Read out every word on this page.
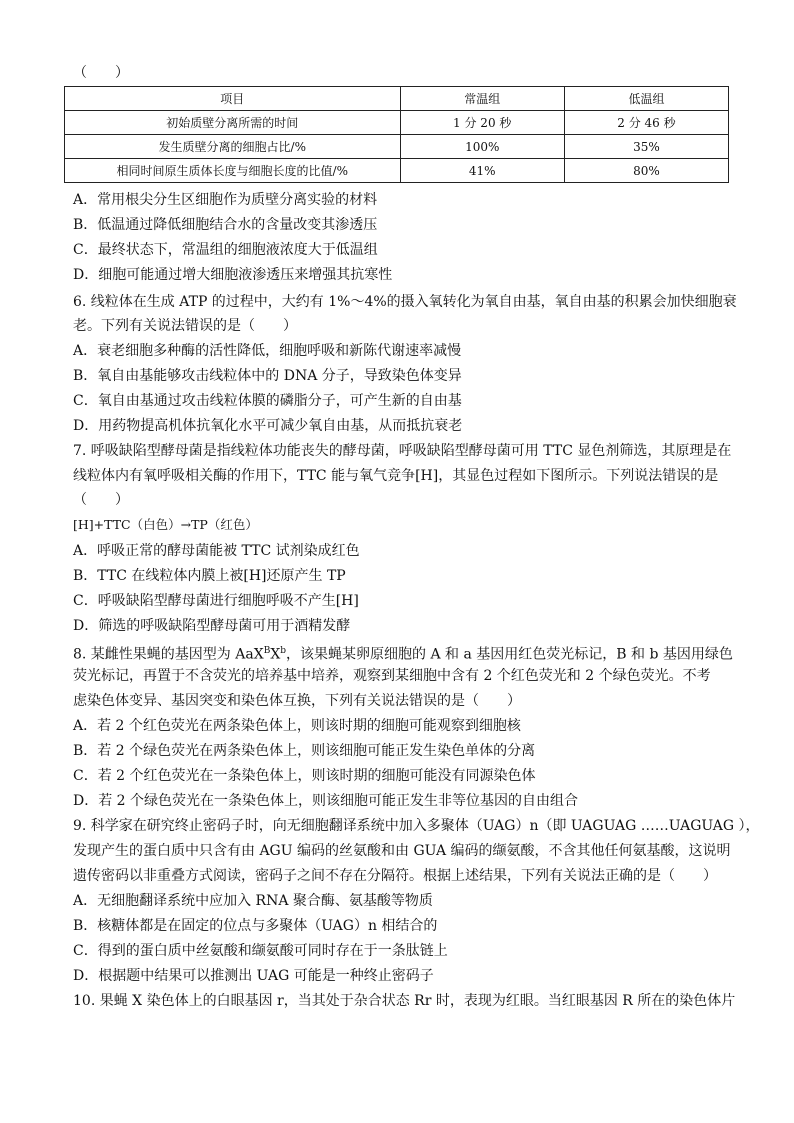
（　　）
项目	常温组	低温组
初始质壁分离所需的时间	1 分 20 秒	2 分 46 秒
发生质壁分离的细胞占比/%	100%	35%
相同时间原生质体长度与细胞长度的比值/%	41%	80%
A．常用根尖分生区细胞作为质壁分离实验的材料
B．低温通过降低细胞结合水的含量改变其渗透压
C．最终状态下，常温组的细胞液浓度大于低温组
D．细胞可能通过增大细胞液渗透压来增强其抗寒性
6. 线粒体在生成 ATP 的过程中，大约有 1%～4%的摄入氧转化为氧自由基，氧自由基的积累会加快细胞衰
老。下列有关说法错误的是（　　）
A．衰老细胞多种酶的活性降低，细胞呼吸和新陈代谢速率减慢
B．氧自由基能够攻击线粒体中的 DNA 分子，导致染色体变异
C．氧自由基通过攻击线粒体膜的磷脂分子，可产生新的自由基
D．用药物提高机体抗氧化水平可减少氧自由基，从而抵抗衰老
7. 呼吸缺陷型酵母菌是指线粒体功能丧失的酵母菌，呼吸缺陷型酵母菌可用 TTC 显色剂筛选，其原理是在
线粒体内有氧呼吸相关酶的作用下，TTC 能与氧气竞争[H]，其显色过程如下图所示。下列说法错误的是
（　　）
[H]+TTC（白色）→TP（红色）
A．呼吸正常的酵母菌能被 TTC 试剂染成红色
B．TTC 在线粒体内膜上被[H]还原产生 TP
C．呼吸缺陷型酵母菌进行细胞呼吸不产生[H]
D．筛选的呼吸缺陷型酵母菌可用于酒精发酵
8. 某雌性果蝇的基因型为 $AaX^BX^b$，该果蝇某卵原细胞的 A 和 a 基因用红色荧光标记，B 和 b 基因用绿色
荧光标记，再置于不含荧光的培养基中培养，观察到某细胞中含有 2 个红色荧光和 2 个绿色荧光。不考
虑染色体变异、基因突变和染色体互换，下列有关说法错误的是（　　）
A．若 2 个红色荧光在两条染色体上，则该时期的细胞可能观察到细胞核
B．若 2 个绿色荧光在两条染色体上，则该细胞可能正发生染色单体的分离
C．若 2 个红色荧光在一条染色体上，则该时期的细胞可能没有同源染色体
D．若 2 个绿色荧光在一条染色体上，则该细胞可能正发生非等位基因的自由组合
9. 科学家在研究终止密码子时，向无细胞翻译系统中加入多聚体（UAG）n（即 UAGUAG ……UAGUAG ），
发现产生的蛋白质中只含有由 AGU 编码的丝氨酸和由 GUA 编码的缬氨酸，不含其他任何氨基酸，这说明
遗传密码以非重叠方式阅读，密码子之间不存在分隔符。根据上述结果，下列有关说法正确的是（　　）
A．无细胞翻译系统中应加入 RNA 聚合酶、氨基酸等物质
B．核糖体都是在固定的位点与多聚体（UAG）n 相结合的
C．得到的蛋白质中丝氨酸和缬氨酸可同时存在于一条肽链上
D．根据题中结果可以推测出 UAG 可能是一种终止密码子
10. 果蝇 X 染色体上的白眼基因 r，当其处于杂合状态 Rr 时，表现为红眼。当红眼基因 R 所在的染色体片
